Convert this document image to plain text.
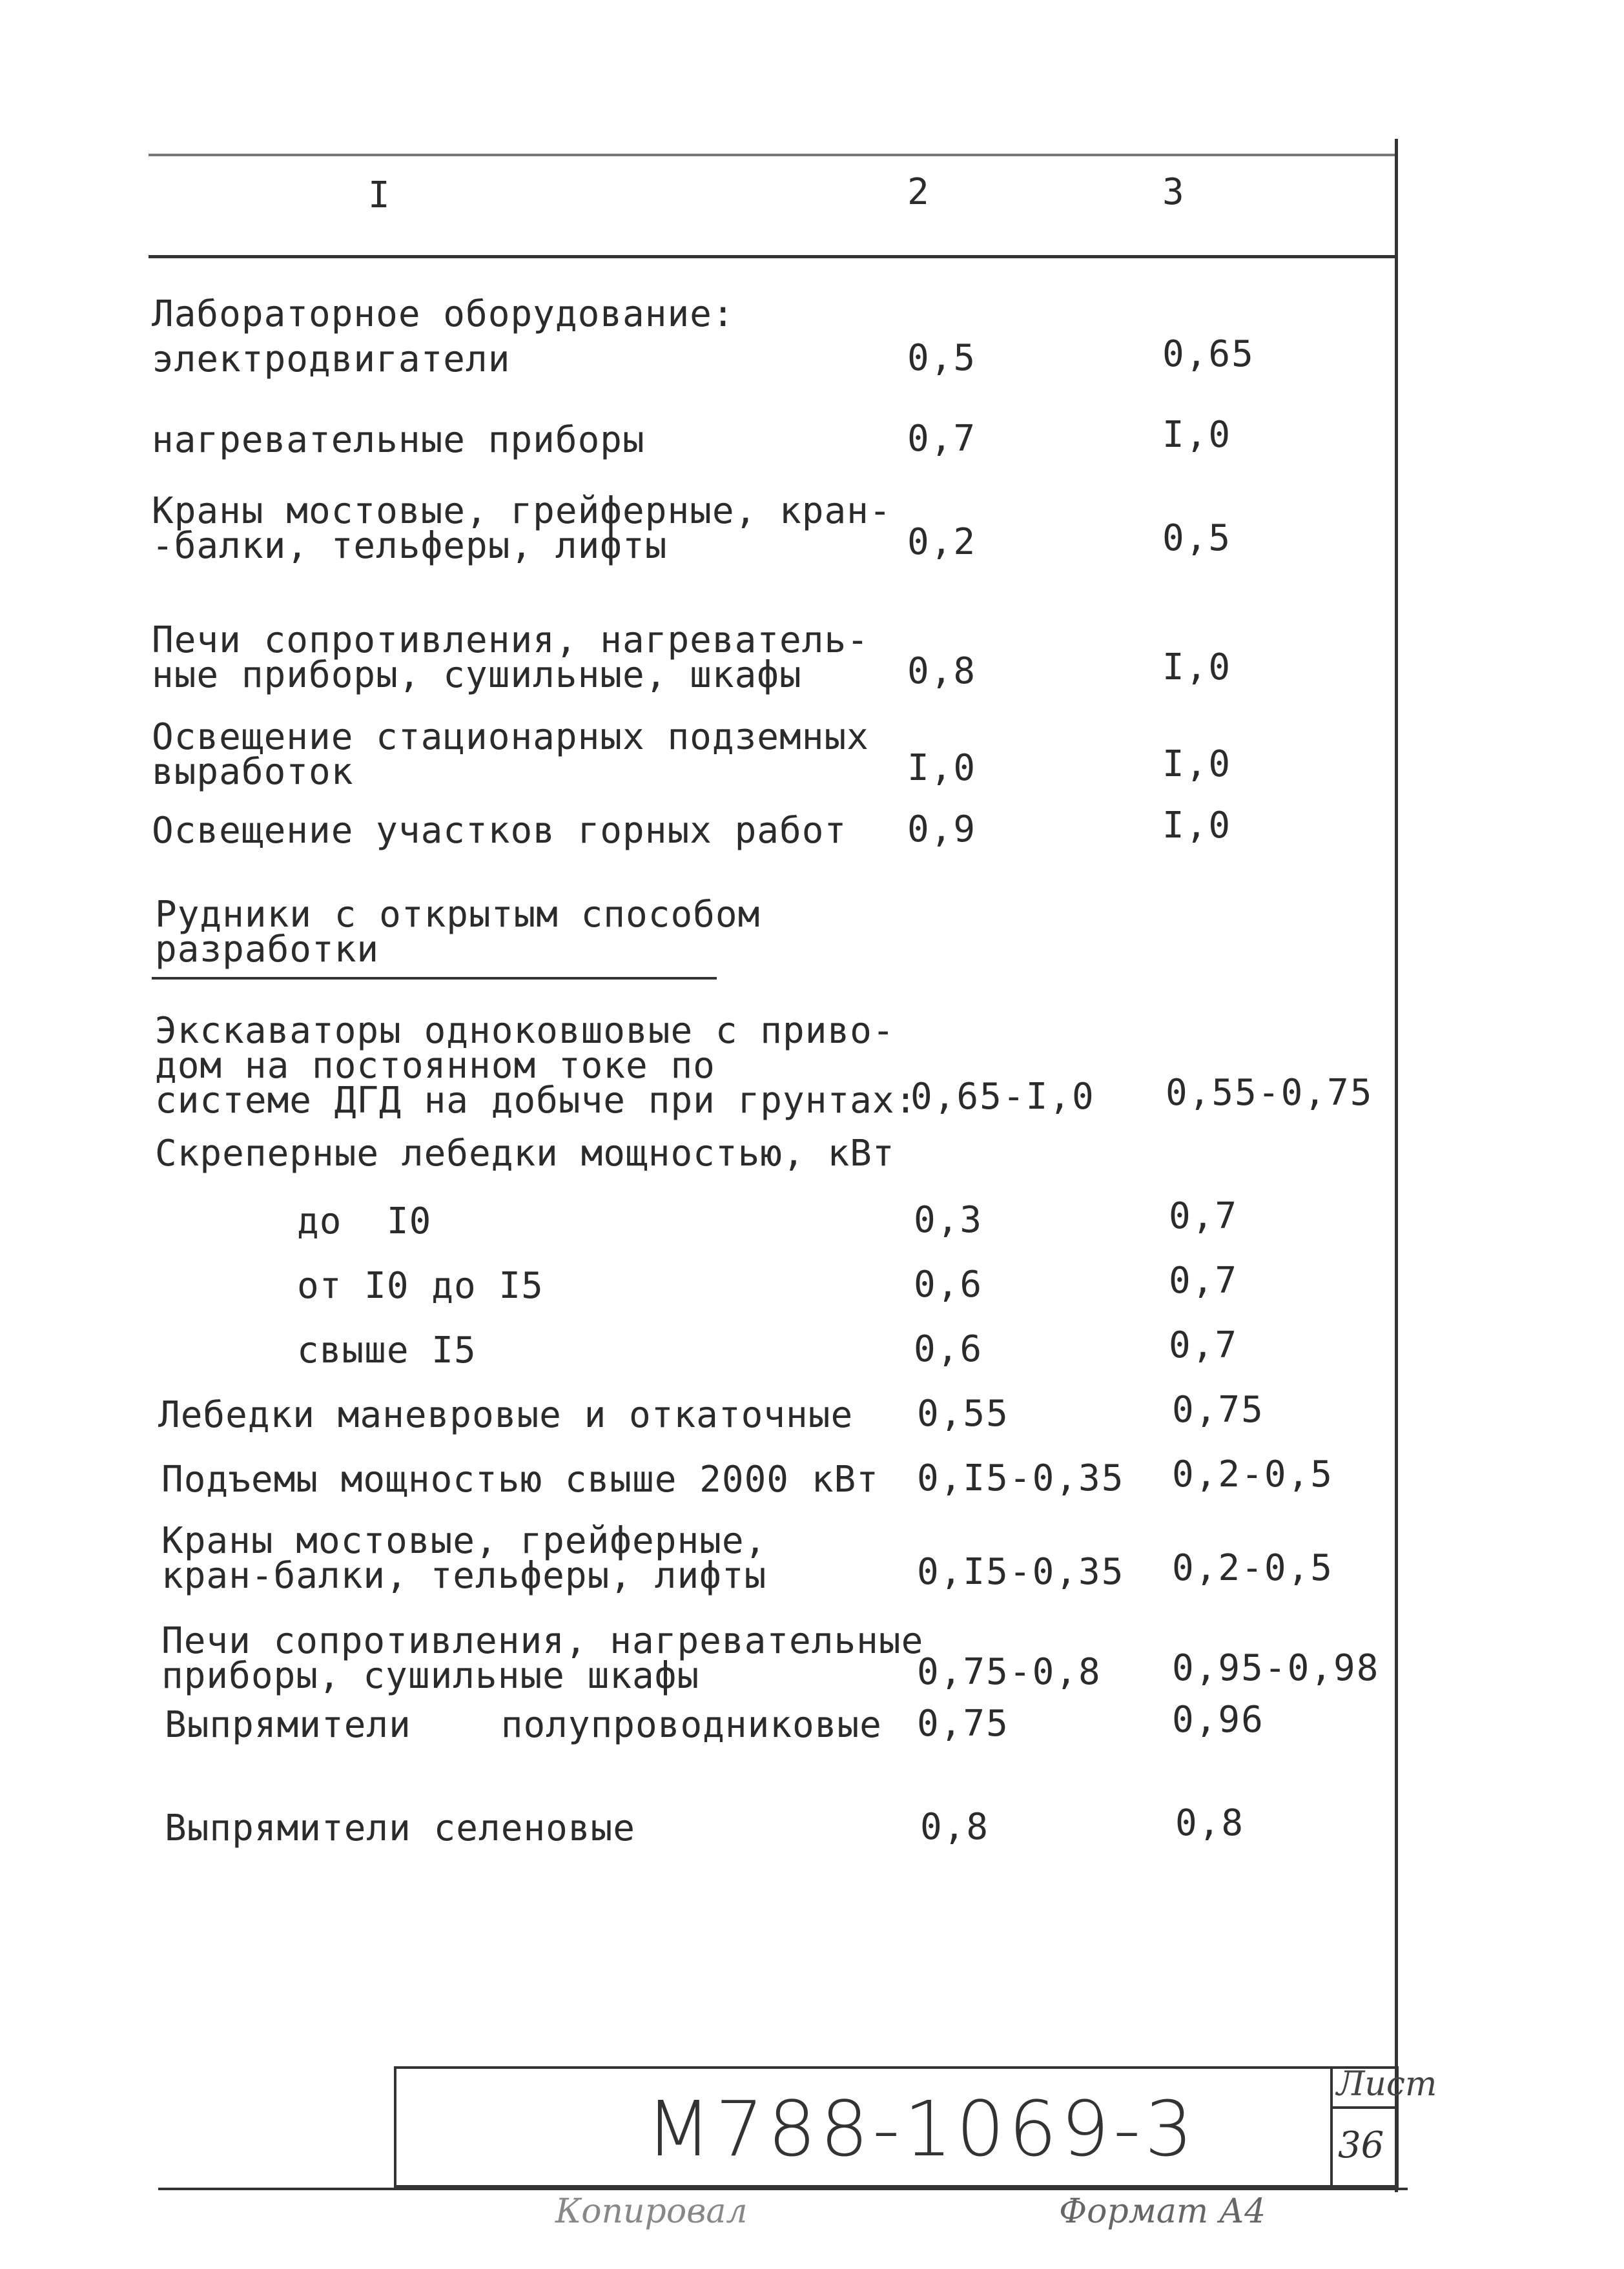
I	2	3
Лабораторное оборудование:
электродвигатели	0,5	0,65
нагревательные приборы	0,7	I,0
Краны мостовые, грейферные, кран-
-балки, тельферы, лифты	0,2	0,5
Печи сопротивления, нагреватель-
ные приборы, сушильные, шкафы	0,8	I,0
Освещение стационарных подземных
выработок	I,0	I,0
Освещение участков горных работ 0,9	I,0
Рудники с открытым способом
разработки
Экскаваторы одноковшовые с приво-
дом на постоянном токе по
системе ДГД на добыче при грунтах:
0,65-I,0 0,55-0,75
Скреперные лебедки мощностью, кВт
до  I0	0,3	0,7
от I0 до I5	0,6	0,7
свыше I5	0,6	0,7
Лебедки маневровые и откаточные 0,55	0,75
Подъемы мощностью свыше 2000 кВт 0,I5-0,35 0,2-0,5
Краны мостовые, грейферные,
кран-балки, тельферы, лифты	0,I5-0,35 0,2-0,5
Печи сопротивления, нагревательные
приборы, сушильные шкафы	0,75-0,8 0,95-0,98
Выпрямители    полупроводниковые 0,75	0,96
Выпрямители селеновые	0,8	0,8
М788-1069-3	Лист
36
Копировал	Формат А4
